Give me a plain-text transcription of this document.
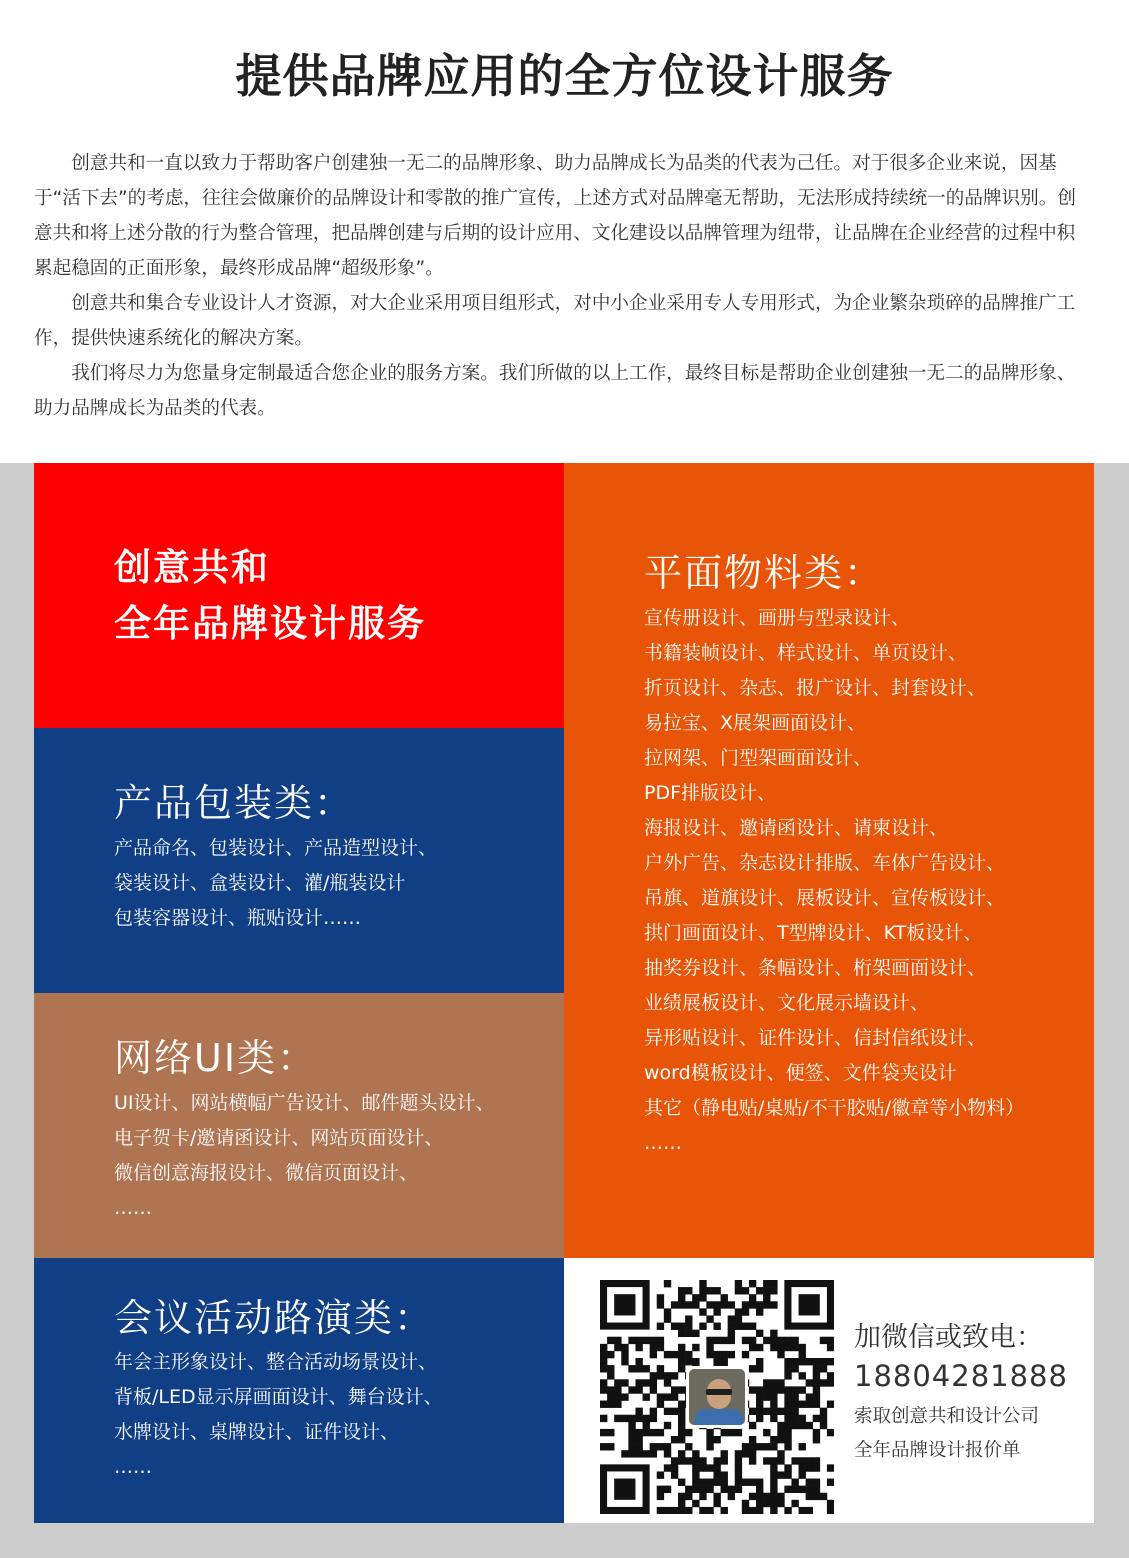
提供品牌应用的全方位设计服务

创意共和一直以致力于帮助客户创建独一无二的品牌形象、助力品牌成长为品类的代表为己任。对于很多企业来说，因基于“活下去”的考虑，往往会做廉价的品牌设计和零散的推广宣传，上述方式对品牌毫无帮助，无法形成持续统一的品牌识别。创意共和将上述分散的行为整合管理，把品牌创建与后期的设计应用、文化建设以品牌管理为纽带，让品牌在企业经营的过程中积累起稳固的正面形象，最终形成品牌“超级形象”。

创意共和集合专业设计人才资源，对大企业采用项目组形式，对中小企业采用专人专用形式，为企业繁杂琐碎的品牌推广工作，提供快速系统化的解决方案。

我们将尽力为您量身定制最适合您企业的服务方案。我们所做的以上工作，最终目标是帮助企业创建独一无二的品牌形象、助力品牌成长为品类的代表。

创意共和
全年品牌设计服务
产品包装类：
产品命名、包装设计、产品造型设计、
袋装设计、盒装设计、灌/瓶装设计
包装容器设计、瓶贴设计……
网络UI类：
UI设计、网站横幅广告设计、邮件题头设计、
电子贺卡/邀请函设计、网站页面设计、
微信创意海报设计、微信页面设计、
……
会议活动路演类：
年会主形象设计、整合活动场景设计、
背板/LED显示屏画面设计、舞台设计、
水牌设计、桌牌设计、证件设计、
……
平面物料类：
宣传册设计、画册与型录设计、
书籍装帧设计、样式设计、单页设计、
折页设计、杂志、报广设计、封套设计、
易拉宝、X展架画面设计、
拉网架、门型架画面设计、
PDF排版设计、
海报设计、邀请函设计、请柬设计、
户外广告、杂志设计排版、车体广告设计、
吊旗、道旗设计、展板设计、宣传板设计、
拱门画面设计、T型牌设计、KT板设计、
抽奖券设计、条幅设计、桁架画面设计、
业绩展板设计、文化展示墙设计、
异形贴设计、证件设计、信封信纸设计、
word模板设计、便签、文件袋夹设计
其它（静电贴/桌贴/不干胶贴/徽章等小物料）
……
加微信或致电：
18804281888
索取创意共和设计公司
全年品牌设计报价单
